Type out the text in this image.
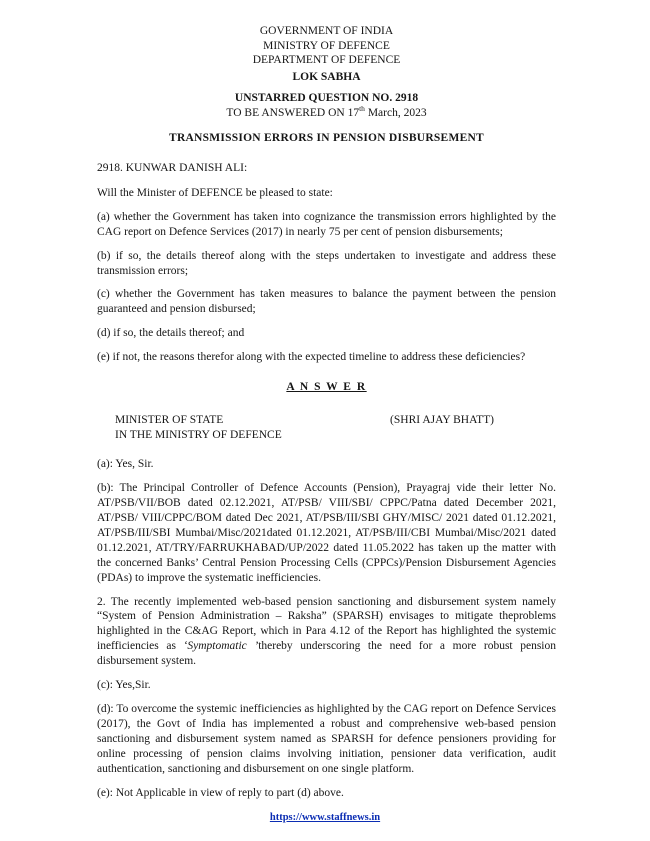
GOVERNMENT OF INDIA
MINISTRY OF DEFENCE
DEPARTMENT OF DEFENCE
LOK SABHA
UNSTARRED QUESTION NO. 2918
TO BE ANSWERED ON 17th March, 2023
TRANSMISSION ERRORS IN PENSION DISBURSEMENT

2918. KUNWAR DANISH ALI:

Will the Minister of DEFENCE be pleased to state:

(a) whether the Government has taken into cognizance the transmission errors highlighted by the CAG report on Defence Services (2017) in nearly 75 per cent of pension disbursements;

(b) if so, the details thereof along with the steps undertaken to investigate and address these transmission errors;

(c) whether the Government has taken measures to balance the payment between the pension guaranteed and pension disbursed;

(d) if so, the details thereof; and

(e) if not, the reasons therefor along with the expected timeline to address these deficiencies?

A N S W E R
MINISTER OF STATE	(SHRI AJAY BHATT)
IN THE MINISTRY OF DEFENCE

(a): Yes, Sir.

(b): The Principal Controller of Defence Accounts (Pension), Prayagraj vide their letter No. AT/PSB/VII/BOB dated 02.12.2021, AT/PSB/ VIII/SBI/ CPPC/Patna dated December 2021, AT/PSB/ VIII/CPPC/BOM dated Dec 2021, AT/PSB/III/SBI GHY/MISC/ 2021 dated 01.12.2021, AT/PSB/III/SBI Mumbai/Misc/2021dated 01.12.2021, AT/PSB/III/CBI Mumbai/Misc/2021 dated 01.12.2021, AT/TRY/FARRUKHABAD/UP/2022 dated 11.05.2022 has taken up the matter with the concerned Banks’ Central Pension Processing Cells (CPPCs)/Pension Disbursement Agencies (PDAs) to improve the systematic inefficiencies.

2. The recently implemented web-based pension sanctioning and disbursement system namely “System of Pension Administration – Raksha” (SPARSH) envisages to mitigate theproblems highlighted in the C&AG Report, which in Para 4.12 of the Report has highlighted the systemic inefficiencies as ‘Symptomatic ’thereby underscoring the need for a more robust pension disbursement system.

(c): Yes,Sir.

(d): To overcome the systemic inefficiencies as highlighted by the CAG report on Defence Services (2017), the Govt of India has implemented a robust and comprehensive web-based pension sanctioning and disbursement system named as SPARSH for defence pensioners providing for online processing of pension claims involving initiation, pensioner data verification, audit authentication, sanctioning and disbursement on one single platform.

(e): Not Applicable in view of reply to part (d) above.

https://www.staffnews.in
